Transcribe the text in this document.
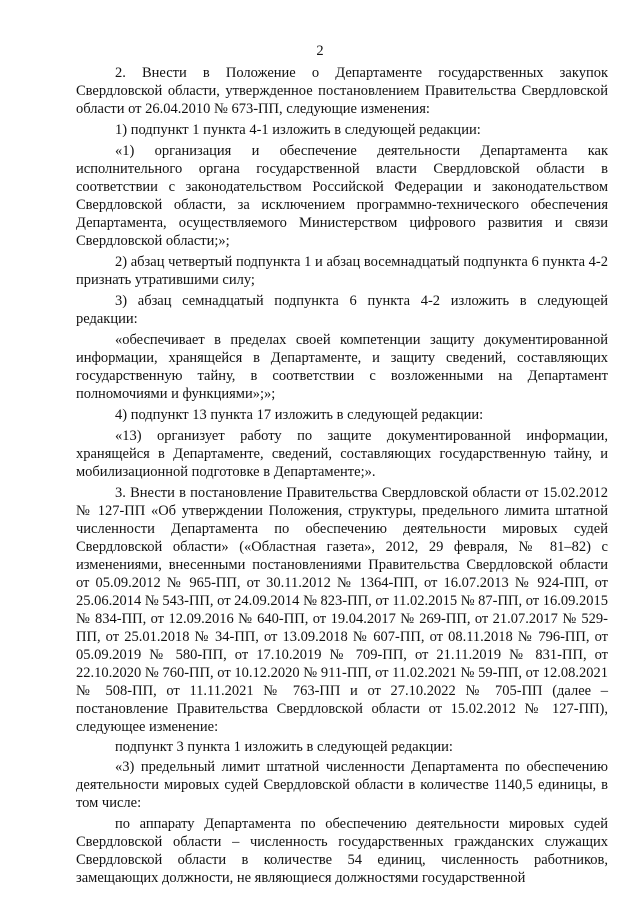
2

2. Внести в Положение о Департаменте государственных закупок Свердловской области, утвержденное постановлением Правительства Свердловской области от 26.04.2010 № 673-ПП, следующие изменения:

1) подпункт 1 пункта 4-1 изложить в следующей редакции:

«1) организация и обеспечение деятельности Департамента как исполнительного органа государственной власти Свердловской области в соответствии с законодательством Российской Федерации и законодательством Свердловской области, за исключением программно-технического обеспечения Департамента, осуществляемого Министерством цифрового развития и связи Свердловской области;»;

2) абзац четвертый подпункта 1 и абзац восемнадцатый подпункта 6 пункта 4-2 признать утратившими силу;

3) абзац семнадцатый подпункта 6 пункта 4-2 изложить в следующей редакции:

«обеспечивает в пределах своей компетенции защиту документированной информации, хранящейся в Департаменте, и защиту сведений, составляющих государственную тайну, в соответствии с возложенными на Департамент полномочиями и функциями»;»;

4) подпункт 13 пункта 17 изложить в следующей редакции:

«13) организует работу по защите документированной информации, хранящейся в Департаменте, сведений, составляющих государственную тайну, и мобилизационной подготовке в Департаменте;».

3. Внести в постановление Правительства Свердловской области от 15.02.2012 № 127-ПП «Об утверждении Положения, структуры, предельного лимита штатной численности Департамента по обеспечению деятельности мировых судей Свердловской области» («Областная газета», 2012, 29 февраля, № 81–82) с изменениями, внесенными постановлениями Правительства Свердловской области от 05.09.2012 № 965-ПП, от 30.11.2012 № 1364-ПП, от 16.07.2013 № 924-ПП, от 25.06.2014 № 543-ПП, от 24.09.2014 № 823-ПП, от 11.02.2015 № 87-ПП, от 16.09.2015 № 834-ПП, от 12.09.2016 № 640-ПП, от 19.04.2017 № 269-ПП, от 21.07.2017 № 529-ПП, от 25.01.2018 № 34-ПП, от 13.09.2018 № 607-ПП, от 08.11.2018 № 796-ПП, от 05.09.2019 № 580-ПП, от 17.10.2019 № 709-ПП, от 21.11.2019 № 831-ПП, от 22.10.2020 № 760-ПП, от 10.12.2020 № 911-ПП, от 11.02.2021 № 59-ПП, от 12.08.2021 № 508-ПП, от 11.11.2021 № 763-ПП и от 27.10.2022 № 705-ПП (далее – постановление Правительства Свердловской области от 15.02.2012 № 127-ПП), следующее изменение:

подпункт 3 пункта 1 изложить в следующей редакции:

«3) предельный лимит штатной численности Департамента по обеспечению деятельности мировых судей Свердловской области в количестве 1140,5 единицы, в том числе:

по аппарату Департамента по обеспечению деятельности мировых судей Свердловской области – численность государственных гражданских служащих Свердловской области в количестве 54 единиц, численность работников, замещающих должности, не являющиеся должностями государственной
